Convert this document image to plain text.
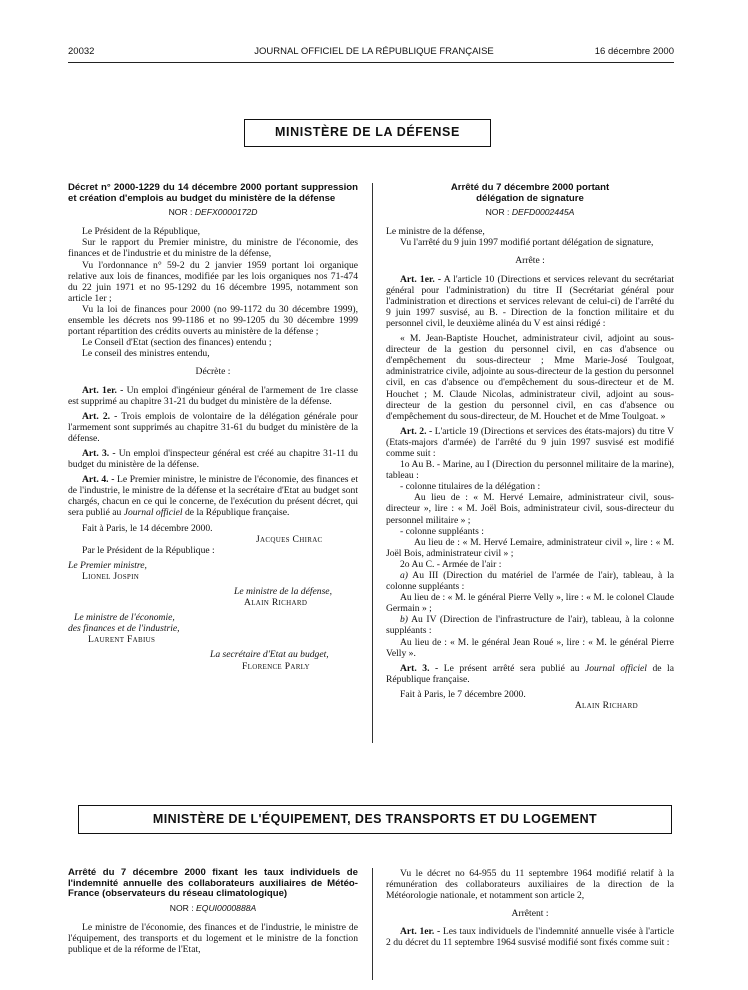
20032	JOURNAL OFFICIEL DE LA RÉPUBLIQUE FRANÇAISE	16 décembre 2000
MINISTÈRE DE LA DÉFENSE
Décret n° 2000-1229 du 14 décembre 2000 portant suppression et création d'emplois au budget du ministère de la défense
NOR : DEFX0000172D

Le Président de la République,

Sur le rapport du Premier ministre, du ministre de l'économie, des finances et de l'industrie et du ministre de la défense,

Vu l'ordonnance n° 59-2 du 2 janvier 1959 portant loi organique relative aux lois de finances, modifiée par les lois organiques nos 71-474 du 22 juin 1971 et no 95-1292 du 16 décembre 1995, notamment son article 1er ;

Vu la loi de finances pour 2000 (no 99-1172 du 30 décembre 1999), ensemble les décrets nos 99-1186 et no 99-1205 du 30 décembre 1999 portant répartition des crédits ouverts au ministère de la défense ;

Le Conseil d'Etat (section des finances) entendu ;

Le conseil des ministres entendu,

Décrète :

Art. 1er. - Un emploi d'ingénieur général de l'armement de 1re classe est supprimé au chapitre 31-21 du budget du ministère de la défense.

Art. 2. - Trois emplois de volontaire de la délégation générale pour l'armement sont supprimés au chapitre 31-61 du budget du ministère de la défense.

Art. 3. - Un emploi d'inspecteur général est créé au chapitre 31-11 du budget du ministère de la défense.

Art. 4. - Le Premier ministre, le ministre de l'économie, des finances et de l'industrie, le ministre de la défense et la secrétaire d'Etat au budget sont chargés, chacun en ce qui le concerne, de l'exécution du présent décret, qui sera publié au Journal officiel de la République française.

Fait à Paris, le 14 décembre 2000.

Jacques Chirac

Par le Président de la République :

Le Premier ministre,

Lionel Jospin

Le ministre de la défense,

Alain Richard

Le ministre de l'économie,

des finances et de l'industrie,

Laurent Fabius

La secrétaire d'Etat au budget,

Florence Parly

Arrêté du 7 décembre 2000 portant délégation de signature
NOR : DEFD0002445A

Le ministre de la défense,

Vu l'arrêté du 9 juin 1997 modifié portant délégation de signature,

Arrête :

Art. 1er. - A l'article 10 (Directions et services relevant du secrétariat général pour l'administration) du titre II (Secrétariat général pour l'administration et directions et services relevant de celui-ci) de l'arrêté du 9 juin 1997 susvisé, au B. - Direction de la fonction militaire et du personnel civil, le deuxième alinéa du V est ainsi rédigé :

« M. Jean-Baptiste Houchet, administrateur civil, adjoint au sous-directeur de la gestion du personnel civil, en cas d'absence ou d'empêchement du sous-directeur ; Mme Marie-José Toulgoat, administratrice civile, adjointe au sous-directeur de la gestion du personnel civil, en cas d'absence ou d'empêchement du sous-directeur et de M. Houchet ; M. Claude Nicolas, administrateur civil, adjoint au sous-directeur de la gestion du personnel civil, en cas d'absence ou d'empêchement du sous-directeur, de M. Houchet et de Mme Toulgoat. »

Art. 2. - L'article 19 (Directions et services des états-majors) du titre V (Etats-majors d'armée) de l'arrêté du 9 juin 1997 susvisé est modifié comme suit :

1o Au B. - Marine, au I (Direction du personnel militaire de la marine), tableau :

- colonne titulaires de la délégation :

Au lieu de : « M. Hervé Lemaire, administrateur civil, sous-directeur », lire : « M. Joël Bois, administrateur civil, sous-directeur du personnel militaire » ;

- colonne suppléants :

Au lieu de : « M. Hervé Lemaire, administrateur civil », lire : « M. Joël Bois, administrateur civil » ;

2o Au C. - Armée de l'air :

a) Au III (Direction du matériel de l'armée de l'air), tableau, à la colonne suppléants :

Au lieu de : « M. le général Pierre Velly », lire : « M. le colonel Claude Germain » ;

b) Au IV (Direction de l'infrastructure de l'air), tableau, à la colonne suppléants :

Au lieu de : « M. le général Jean Roué », lire : « M. le général Pierre Velly ».

Art. 3. - Le présent arrêté sera publié au Journal officiel de la République française.

Fait à Paris, le 7 décembre 2000.

Alain Richard

MINISTÈRE DE L'ÉQUIPEMENT, DES TRANSPORTS ET DU LOGEMENT
Arrêté du 7 décembre 2000 fixant les taux individuels de l'indemnité annuelle des collaborateurs auxiliaires de Météo-France (observateurs du réseau climatologique)
NOR : EQUI0000888A

Le ministre de l'économie, des finances et de l'industrie, le ministre de l'équipement, des transports et du logement et le ministre de la fonction publique et de la réforme de l'Etat,

Vu le décret no 64-955 du 11 septembre 1964 modifié relatif à la rémunération des collaborateurs auxiliaires de la direction de la Météorologie nationale, et notamment son article 2,

Arrêtent :

Art. 1er. - Les taux individuels de l'indemnité annuelle visée à l'article 2 du décret du 11 septembre 1964 susvisé modifié sont fixés comme suit :
